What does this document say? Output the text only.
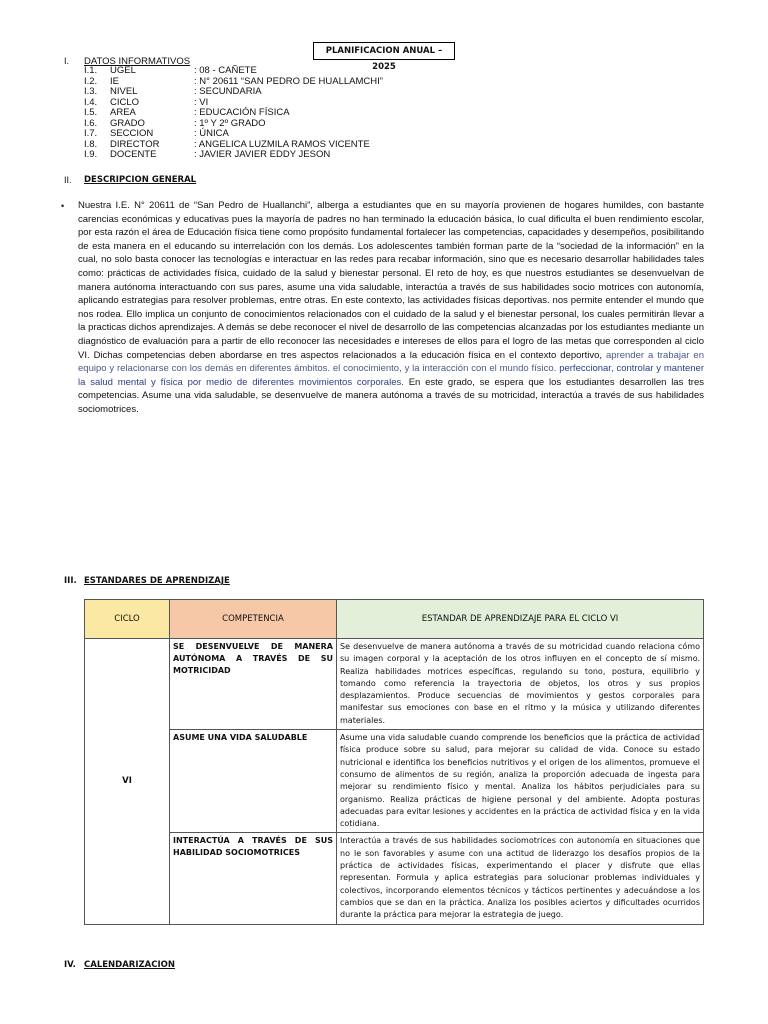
PLANIFICACION ANUAL – 2025
I. DATOS INFORMATIVOS
I.1.	UGEL	: 08 - CAÑETE
I.2.	IE	: N° 20611 “SAN PEDRO DE HUALLAMCHI”
I.3.	NIVEL	: SECUNDARIA
I.4.	CICLO	: VI
I.5.	AREA	: EDUCACIÓN FÍSICA
I.6.	GRADO	: 1º Y 2º GRADO
I.7.	SECCION	: ÚNICA
I.8.	DIRECTOR	: ANGELICA LUZMILA RAMOS VICENTE
I.9.	DOCENTE	: JAVIER JAVIER EDDY JESON
II. DESCRIPCION GENERAL
• Nuestra I.E. N° 20611 de “San Pedro de Huallanchi”, alberga a estudiantes que en su mayoría provienen de hogares humildes, con bastante carencias económicas y educativas pues la mayoría de padres no han terminado la educación básica, lo cual dificulta el buen rendimiento escolar, por esta razón el área de Educación física tiene como propósito fundamental fortalecer las competencias, capacidades y desempeños, posibilitando de esta manera en el educando su interrelación con los demás. Los adolescentes también forman parte de la “sociedad de la información” en la cual, no solo basta conocer las tecnologías e interactuar en las redes para recabar información, sino que es necesario desarrollar habilidades tales como: prácticas de actividades física, cuidado de la salud y bienestar personal. El reto de hoy, es que nuestros estudiantes se desenvuelvan de manera autónoma interactuando con sus pares, asume una vida saludable, interactúa a través de sus habilidades socio motrices con autonomía, aplicando estrategias para resolver problemas, entre otras. En este contexto, las actividades físicas deportivas. nos permite entender el mundo que nos rodea. Ello implica un conjunto de conocimientos relacionados con el cuidado de la salud y el bienestar personal, los cuales permitirán llevar a la practicas dichos aprendizajes. A demás se debe reconocer el nivel de desarrollo de las competencias alcanzadas por los estudiantes mediante un diagnóstico de evaluación para a partir de ello reconocer las necesidades e intereses de ellos para el logro de las metas que corresponden al ciclo VI. Dichas competencias deben abordarse en tres aspectos relacionados a la educación física en el contexto deportivo, aprender a trabajar en equipo y relacionarse con los demás en diferentes ámbitos. el conocimiento, y la interacción con el mundo físico. perfeccionar, controlar y mantener la salud mental y física por medio de diferentes movimientos corporales. En este grado, se espera que los estudiantes desarrollen las tres competencias. Asume una vida saludable, se desenvuelve de manera autónoma a través de su motricidad, interactúa a través de sus habilidades sociomotrices.
III. ESTANDARES DE APRENDIZAJE
CICLO	COMPETENCIA	ESTANDAR DE APRENDIZAJE PARA EL CICLO VI
VI	SE DESENVUELVE DE MANERA AUTÓNOMA A TRAVÉS DE SU MOTRICIDAD	Se desenvuelve de manera autónoma a través de su motricidad cuando relaciona cómo su imagen corporal y la aceptación de los otros influyen en el concepto de sí mismo. Realiza habilidades motrices específicas, regulando su tono, postura, equilibrio y tomando como referencia la trayectoria de objetos, los otros y sus propios desplazamientos. Produce secuencias de movimientos y gestos corporales para manifestar sus emociones con base en el ritmo y la música y utilizando diferentes materiales.
	ASUME UNA VIDA SALUDABLE	Asume una vida saludable cuando comprende los beneficios que la práctica de actividad física produce sobre su salud, para mejorar su calidad de vida. Conoce su estado nutricional e identifica los beneficios nutritivos y el origen de los alimentos, promueve el consumo de alimentos de su región, analiza la proporción adecuada de ingesta para mejorar su rendimiento físico y mental. Analiza los hábitos perjudiciales para su organismo. Realiza prácticas de higiene personal y del ambiente. Adopta posturas adecuadas para evitar lesiones y accidentes en la práctica de actividad física y en la vida cotidiana.
	INTERACTÚA A TRAVÉS DE SUS HABILIDAD SOCIOMOTRICES	Interactúa a través de sus habilidades sociomotrices con autonomía en situaciones que no le son favorables y asume con una actitud de liderazgo los desafíos propios de la práctica de actividades físicas, experimentando el placer y disfrute que ellas representan. Formula y aplica estrategias para solucionar problemas individuales y colectivos, incorporando elementos técnicos y tácticos pertinentes y adecuándose a los cambios que se dan en la práctica. Analiza los posibles aciertos y dificultades ocurridos durante la práctica para mejorar la estrategia de juego.
IV. CALENDARIZACION
